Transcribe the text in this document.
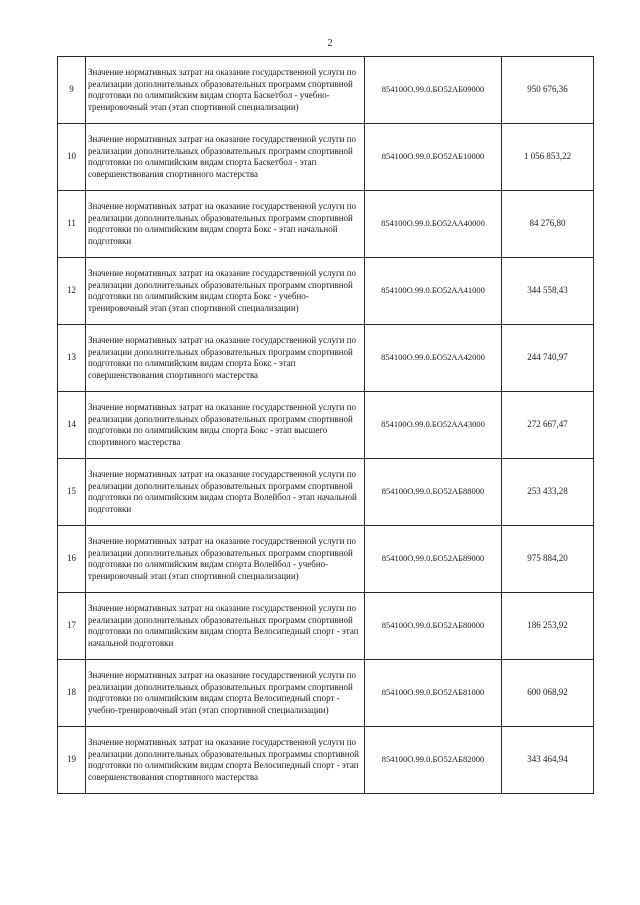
2
9	Значение нормативных затрат на оказание государственной услуги по реализации дополнительных образовательных программ спортивной подготовки по олимпийским видам спорта Баскетбол - учебно-тренировочный этап (этап спортивной специализации)	854100О.99.0.БО52АБ09000	950 676,36
10	Значение нормативных затрат на оказание государственной услуги по реализации дополнительных образовательных программ спортивной подготовки по олимпийским видам спорта Баскетбол - этап совершенствования спортивного мастерства	854100О.99.0.БО52АБ10000	1 056 853,22
11	Значение нормативных затрат на оказание государственной услуги по реализации дополнительных образовательных программ спортивной подготовки по олимпийским видам спорта Бокс - этап начальной подготовки	854100О.99.0.БО52АА40000	84 276,80
12	Значение нормативных затрат на оказание государственной услуги по реализации дополнительных образовательных программ спортивной подготовки по олимпийским видам спорта Бокс - учебно-тренировочный этап (этап спортивной специализации)	854100О.99.0.БО52АА41000	344 558,43
13	Значение нормативных затрат на оказание государственной услуги по реализации дополнительных образовательных программ спортивной подготовки по олимпийским видам спорта Бокс - этап совершенствования спортивного мастерства	854100О.99.0.БО52АА42000	244 740,97
14	Значение нормативных затрат на оказание государственной услуги по реализации дополнительных образовательных программ спортивной подготовки по олимпийским виды спорта Бокс - этап высшего спортивного мастерства	854100О.99.0.БО52АА43000	272 667,47
15	Значение нормативных затрат на оказание государственной услуги по реализации дополнительных образовательных программ спортивной подготовки по олимпийским видам спорта Волейбол - этап начальной подготовки	854100О.99.0.БО52АБ88000	253 433,28
16	Значение нормативных затрат на оказание государственной услуги по реализации дополнительных образовательных программ спортивной подготовки по олимпийским видам спорта Волейбол - учебно-тренировочный этап (этап спортивной специализации)	854100О.99.0.БО52АБ89000	975 884,20
17	Значение нормативных затрат на оказание государственной услуги по реализации дополнительных образовательных программ спортивной подготовки по олимпийским видам спорта Велосипедный спорт - этап начальной подготовки	854100О.99.0.БО52АБ80000	186 253,92
18	Значение нормативных затрат на оказание государственной услуги по реализации дополнительных образовательных программ спортивной подготовки по олимпийским видам спорта Велосипедный спорт - учебно-тренировочный этап (этап спортивной специализации)	854100О.99.0.БО52АБ81000	600 068,92
19	Значение нормативных затрат на оказание государственной услуги по реализации дополнительных образовательных программы спортивной подготовки по олимпийским видам спорта Велосипедный спорт - этап совершенствования спортивного мастерства	854100О.99.0.БО52АБ82000	343 464,94
